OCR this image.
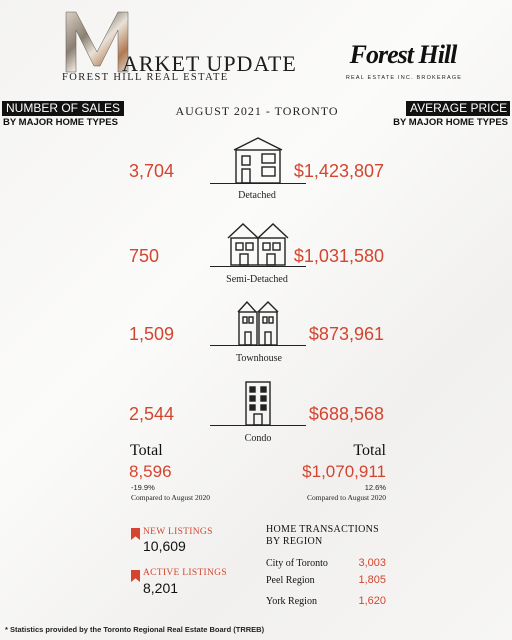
ARKET UPDATE
FOREST HILL REAL ESTATE
Forest Hill
REAL ESTATE INC. BROKERAGE
NUMBER OF SALES
BY MAJOR HOME TYPES
AVERAGE PRICE
BY MAJOR HOME TYPES
AUGUST 2021 - TORONTO
3,704	$1,423,807
Detached
750	$1,031,580
Semi-Detached
1,509	$873,961
Townhouse
2,544	$688,568
Condo
Total
8,596
-19.9%
Compared to August 2020
Total
$1,070,911
12.6%
Compared to August 2020
NEW LISTINGS
10,609
ACTIVE LISTINGS
8,201
HOME TRANSACTIONS
BY REGION
City of Toronto	3,003
Peel Region	1,805
York Region	1,620
* Statistics provided by the Toronto Regional Real Estate Board (TRREB)
